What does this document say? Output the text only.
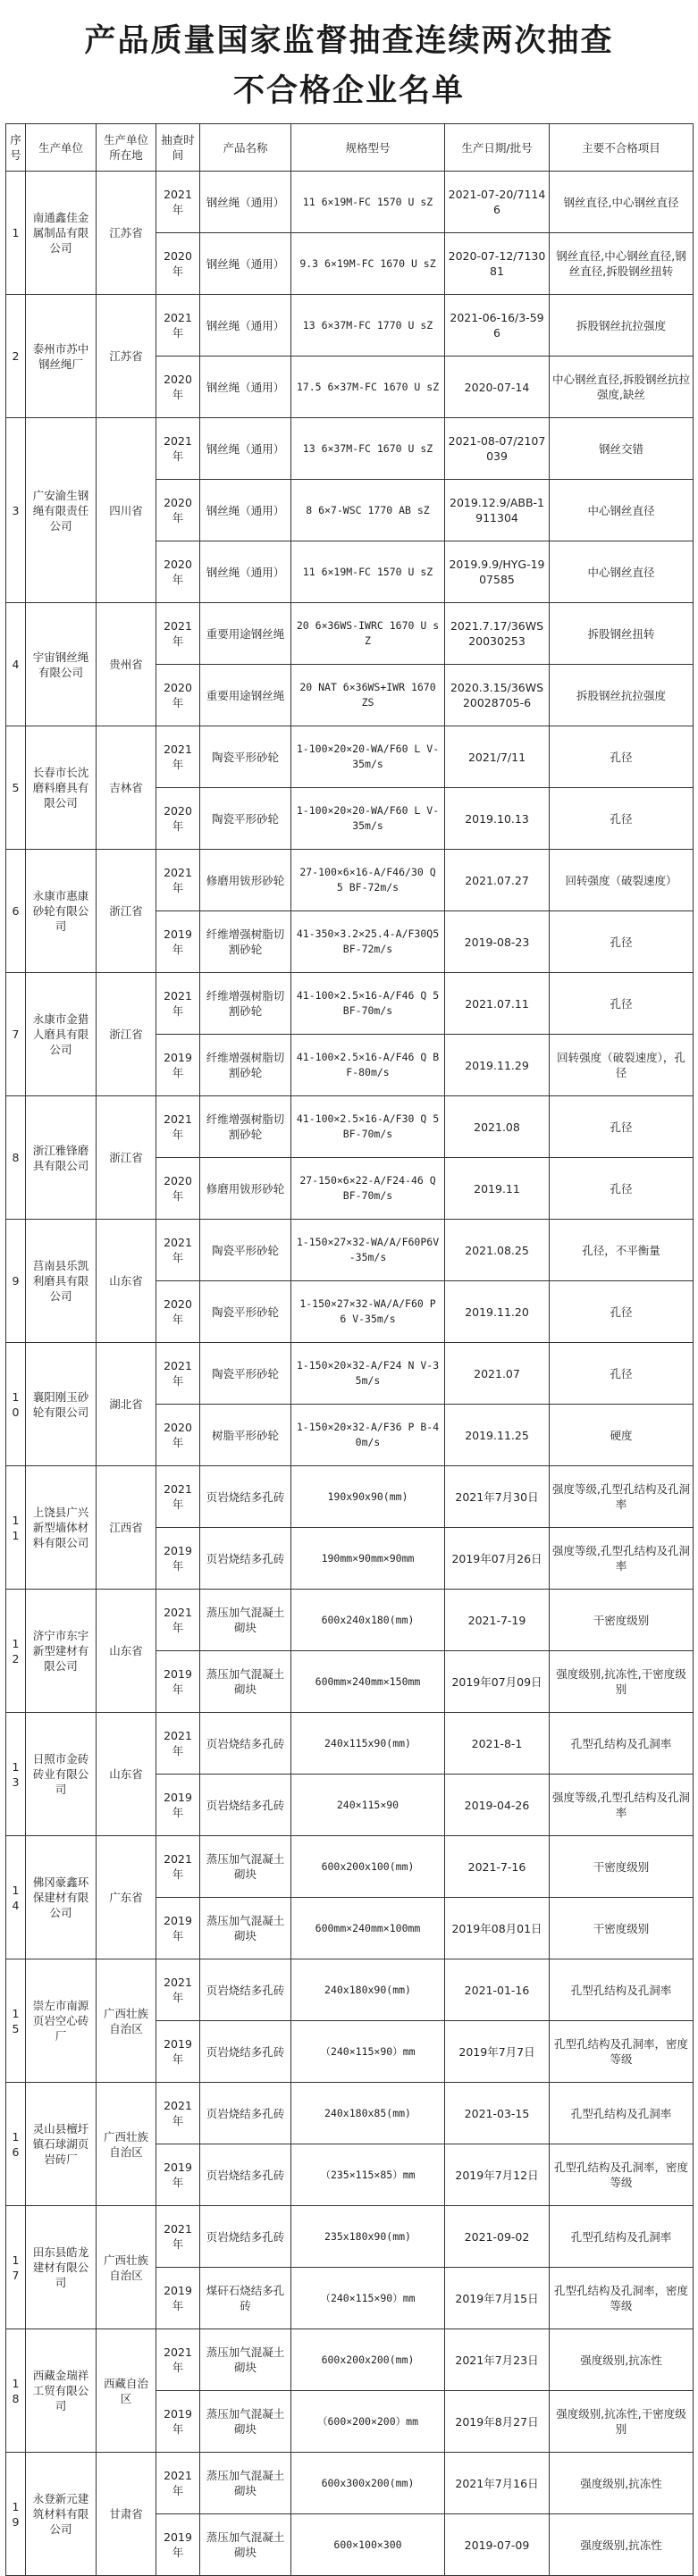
产品质量国家监督抽查连续两次抽查
不合格企业名单
序号	生产单位	生产单位所在地	抽查时间	产品名称	规格型号	生产日期/批号	主要不合格项目
1	南通鑫佳金属制品有限公司	江苏省	2021年	钢丝绳（通用）	11 6×19M-FC 1570 U sZ	2021-07-20/71146	钢丝直径,中心钢丝直径
			2020年	钢丝绳（通用）	9.3 6×19M-FC 1670 U sZ	2020-07-12/713081	钢丝直径,中心钢丝直径,钢丝直径,拆股钢丝扭转
2	泰州市苏中钢丝绳厂	江苏省	2021年	钢丝绳（通用）	13 6×37M-FC 1770 U sZ	2021-06-16/3-596	拆股钢丝抗拉强度
			2020年	钢丝绳（通用）	17.5 6×37M-FC 1670 U sZ	2020-07-14	中心钢丝直径,拆股钢丝抗拉强度,缺丝
3	广安渝生钢绳有限责任公司	四川省	2021年	钢丝绳（通用）	13 6×37M-FC 1670 U sZ	2021-08-07/2107039	钢丝交错
			2020年	钢丝绳（通用）	8 6×7-WSC 1770 AB sZ	2019.12.9/ABB-1911304	中心钢丝直径
			2020年	钢丝绳（通用）	11 6×19M-FC 1570 U sZ	2019.9.9/HYG-1907585	中心钢丝直径
4	宇宙钢丝绳有限公司	贵州省	2021年	重要用途钢丝绳	20 6×36WS-IWRC 1670 U sZ	2021.7.17/36WS20030253	拆股钢丝扭转
			2020年	重要用途钢丝绳	20 NAT 6×36WS+IWR 1670 ZS	2020.3.15/36WS20028705-6	拆股钢丝抗拉强度
5	长春市长沈磨料磨具有限公司	吉林省	2021年	陶瓷平形砂轮	1-100×20×20-WA/F60 L V-35m/s	2021/7/11	孔径
			2020年	陶瓷平形砂轮	1-100×20×20-WA/F60 L V-35m/s	2019.10.13	孔径
6	永康市惠康砂轮有限公司	浙江省	2021年	修磨用钹形砂轮	27-100×6×16-A/F46/30 Q 5 BF-72m/s	2021.07.27	回转强度（破裂速度）
			2019年	纤维增强树脂切割砂轮	41-350×3.2×25.4-A/F30Q5BF-72m/s	2019-08-23	孔径
7	永康市金猎人磨具有限公司	浙江省	2021年	纤维增强树脂切割砂轮	41-100×2.5×16-A/F46 Q 5 BF-70m/s	2021.07.11	孔径
			2019年	纤维增强树脂切割砂轮	41-100×2.5×16-A/F46 Q BF-80m/s	2019.11.29	回转强度（破裂速度），孔径
8	浙江雅锋磨具有限公司	浙江省	2021年	纤维增强树脂切割砂轮	41-100×2.5×16-A/F30 Q 5 BF-70m/s	2021.08	孔径
			2020年	修磨用钹形砂轮	27-150×6×22-A/F24-46 Q BF-70m/s	2019.11	孔径
9	莒南县乐凯利磨具有限公司	山东省	2021年	陶瓷平形砂轮	1-150×27×32-WA/A/F60P6V-35m/s	2021.08.25	孔径，不平衡量
			2020年	陶瓷平形砂轮	1-150×27×32-WA/A/F60 P 6 V-35m/s	2019.11.20	孔径
10	襄阳刚玉砂轮有限公司	湖北省	2021年	陶瓷平形砂轮	1-150×20×32-A/F24 N V-35m/s	2021.07	孔径
			2020年	树脂平形砂轮	1-150×20×32-A/F36 P B-40m/s	2019.11.25	硬度
11	上饶县广兴新型墙体材料有限公司	江西省	2021年	页岩烧结多孔砖	190x90x90(mm)	2021年7月30日	强度等级,孔型孔结构及孔洞率
			2019年	页岩烧结多孔砖	190mm×90mm×90mm	2019年07月26日	强度等级,孔型孔结构及孔洞率
12	济宁市东宇新型建材有限公司	山东省	2021年	蒸压加气混凝土砌块	600x240x180(mm)	2021-7-19	干密度级别
			2019年	蒸压加气混凝土砌块	600mm×240mm×150mm	2019年07月09日	强度级别,抗冻性,干密度级别
13	日照市金砖砖业有限公司	山东省	2021年	页岩烧结多孔砖	240x115x90(mm)	2021-8-1	孔型孔结构及孔洞率
			2019年	页岩烧结多孔砖	240×115×90	2019-04-26	强度等级,孔型孔结构及孔洞率
14	佛冈豪鑫环保建材有限公司	广东省	2021年	蒸压加气混凝土砌块	600x200x100(mm)	2021-7-16	干密度级别
			2019年	蒸压加气混凝土砌块	600mm×240mm×100mm	2019年08月01日	干密度级别
15	崇左市南源页岩空心砖厂	广西壮族自治区	2021年	页岩烧结多孔砖	240x180x90(mm)	2021-01-16	孔型孔结构及孔洞率
			2019年	页岩烧结多孔砖	（240×115×90）mm	2019年7月7日	孔型孔结构及孔洞率，密度等级
16	灵山县檀圩镇石球湖页岩砖厂	广西壮族自治区	2021年	页岩烧结多孔砖	240x180x85(mm)	2021-03-15	孔型孔结构及孔洞率
			2019年	页岩烧结多孔砖	（235×115×85）mm	2019年7月12日	孔型孔结构及孔洞率，密度等级
17	田东县皓龙建材有限公司	广西壮族自治区	2021年	页岩烧结多孔砖	235x180x90(mm)	2021-09-02	孔型孔结构及孔洞率
			2019年	煤矸石烧结多孔砖	（240×115×90）mm	2019年7月15日	孔型孔结构及孔洞率，密度等级
18	西藏金瑞祥工贸有限公司	西藏自治区	2021年	蒸压加气混凝土砌块	600x200x200(mm)	2021年7月23日	强度级别,抗冻性
			2019年	蒸压加气混凝土砌块	（600×200×200）mm	2019年8月27日	强度级别,抗冻性,干密度级别
19	永登新元建筑材料有限公司	甘肃省	2021年	蒸压加气混凝土砌块	600x300x200(mm)	2021年7月16日	强度级别,抗冻性
			2019年	蒸压加气混凝土砌块	600×100×300	2019-07-09	强度级别,抗冻性
